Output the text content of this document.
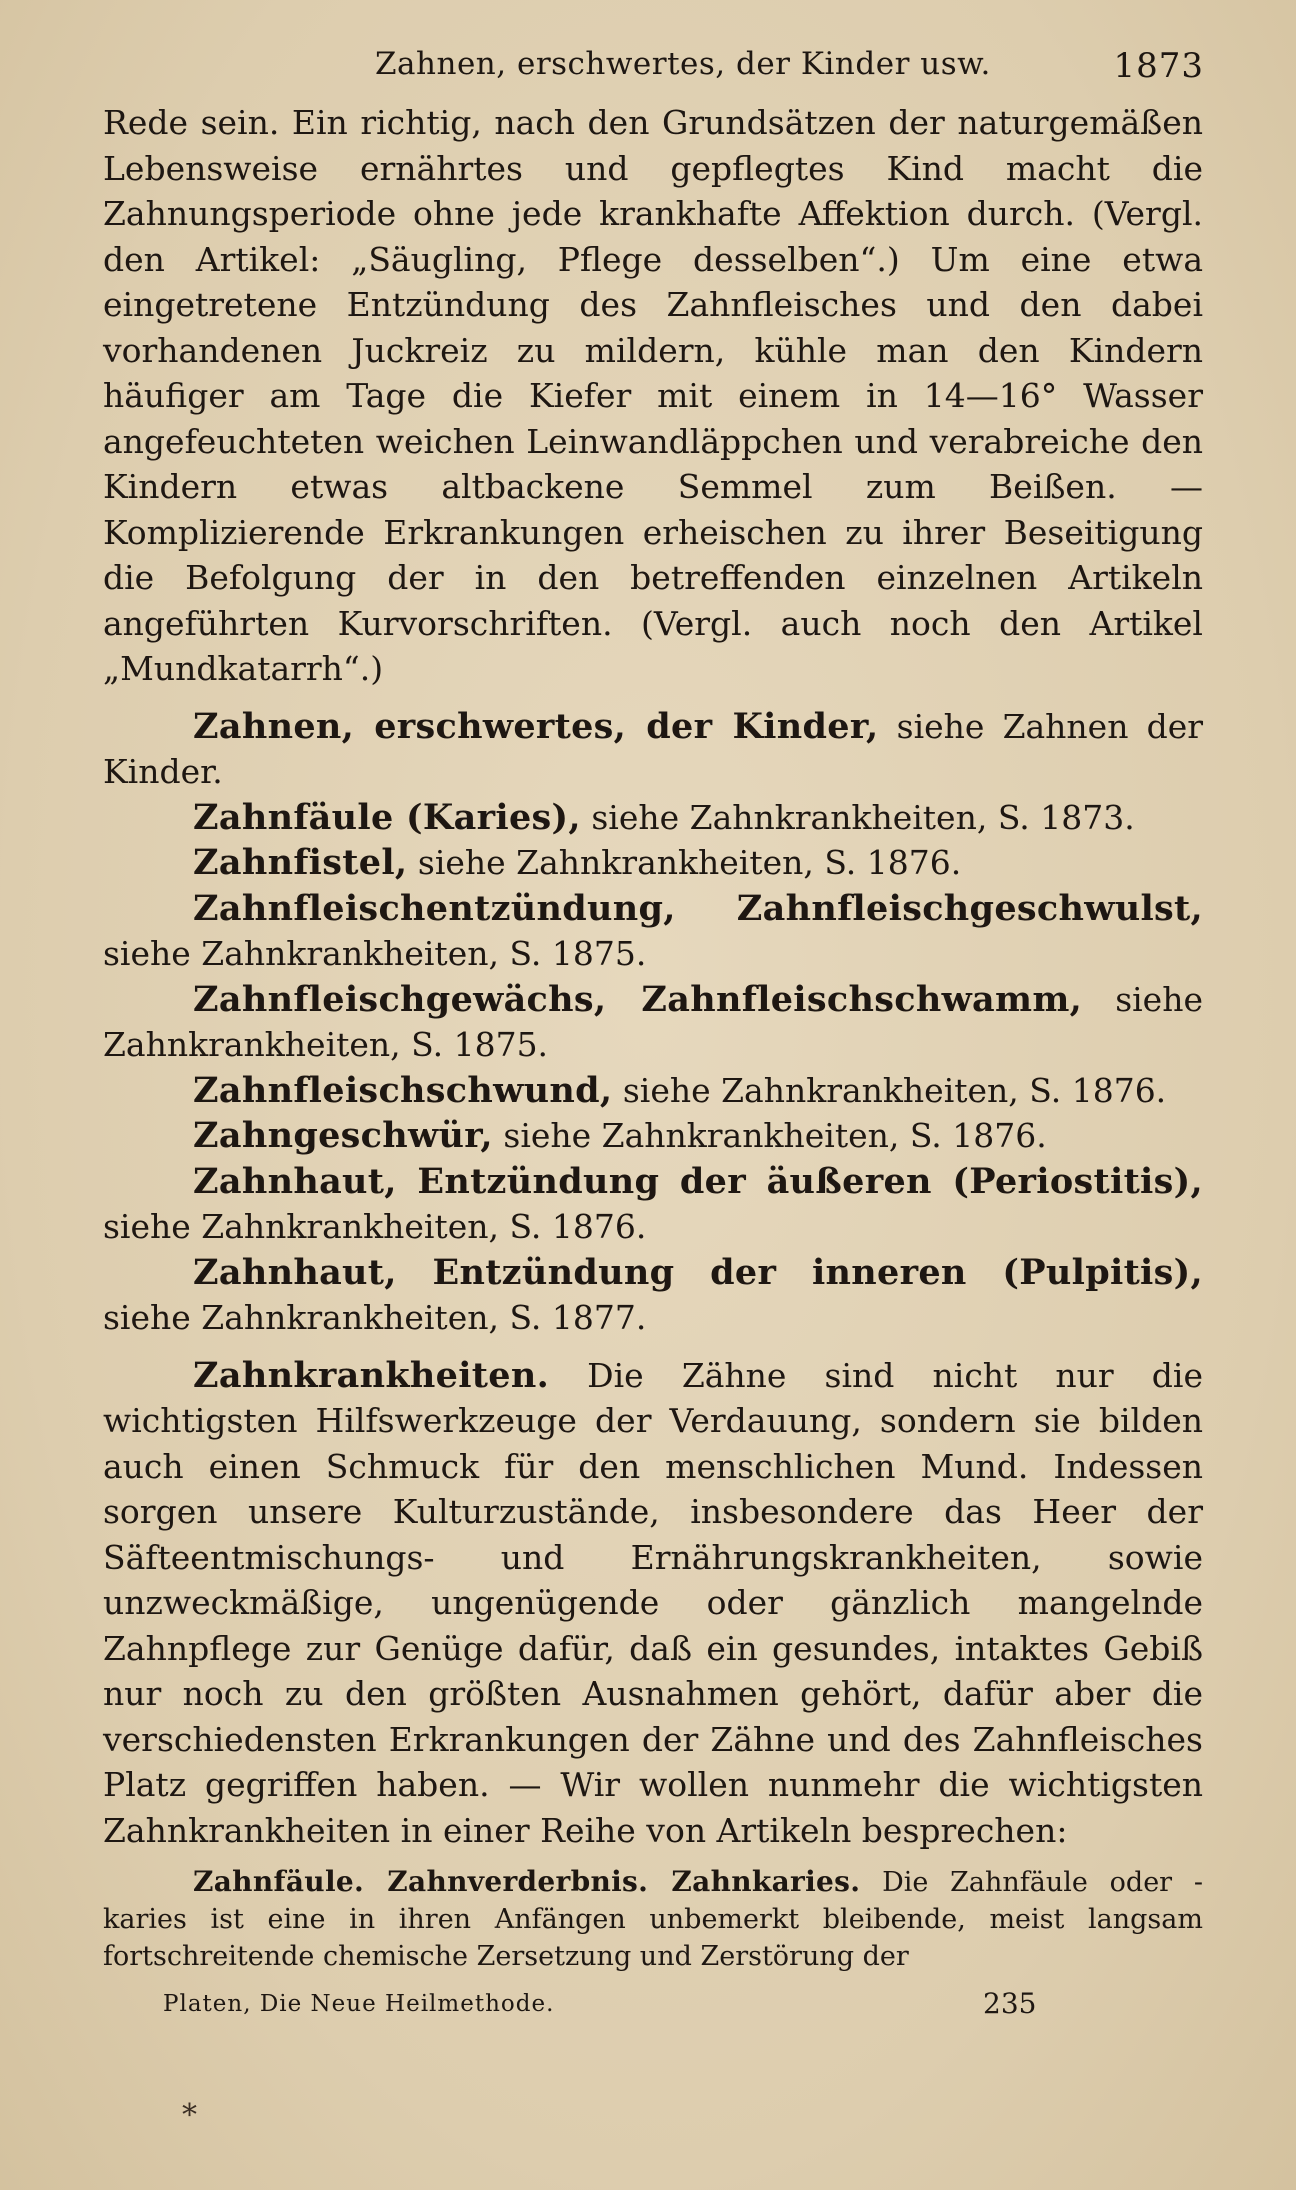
Zahnen, erschwertes, der Kinder usw.	1873

Rede sein. Ein richtig, nach den Grundsätzen der naturgemäßen Lebensweise ernährtes und gepflegtes Kind macht die Zahnungsperiode ohne jede krankhafte Affektion durch. (Vergl. den Artikel: „Säugling, Pflege desselben“.) Um eine etwa eingetretene Entzündung des Zahnfleisches und den dabei vorhandenen Juckreiz zu mildern, kühle man den Kindern häufiger am Tage die Kiefer mit einem in 14—16° Wasser angefeuchteten weichen Leinwandläppchen und verabreiche den Kindern etwas altbackene Semmel zum Beißen. — Komplizierende Erkrankungen erheischen zu ihrer Beseitigung die Befolgung der in den betreffenden einzelnen Artikeln angeführten Kurvorschriften. (Vergl. auch noch den Artikel „Mundkatarrh“.)

Zahnen, erschwertes, der Kinder, siehe Zahnen der Kinder.

Zahnfäule (Karies), siehe Zahnkrankheiten, S. 1873.

Zahnfistel, siehe Zahnkrankheiten, S. 1876.

Zahnfleischentzündung, Zahnfleischgeschwulst, siehe Zahnkrankheiten, S. 1875.

Zahnfleischgewächs, Zahnfleischschwamm, siehe Zahnkrankheiten, S. 1875.

Zahnfleischschwund, siehe Zahnkrankheiten, S. 1876.

Zahngeschwür, siehe Zahnkrankheiten, S. 1876.

Zahnhaut, Entzündung der äußeren (Periostitis), siehe Zahnkrankheiten, S. 1876.

Zahnhaut, Entzündung der inneren (Pulpitis), siehe Zahnkrankheiten, S. 1877.

Zahnkrankheiten. Die Zähne sind nicht nur die wichtigsten Hilfswerkzeuge der Verdauung, sondern sie bilden auch einen Schmuck für den menschlichen Mund. Indessen sorgen unsere Kulturzustände, insbesondere das Heer der Säfteentmischungs- und Ernährungskrankheiten, sowie unzweckmäßige, ungenügende oder gänzlich mangelnde Zahnpflege zur Genüge dafür, daß ein gesundes, intaktes Gebiß nur noch zu den größten Ausnahmen gehört, dafür aber die verschiedensten Erkrankungen der Zähne und des Zahnfleisches Platz gegriffen haben. — Wir wollen nunmehr die wichtigsten Zahnkrankheiten in einer Reihe von Artikeln besprechen:

Zahnfäule. Zahnverderbnis. Zahnkaries. Die Zahnfäule oder -karies ist eine in ihren Anfängen unbemerkt bleibende, meist langsam fortschreitende chemische Zersetzung und Zerstörung der

Platen, Die Neue Heilmethode.	235
*
